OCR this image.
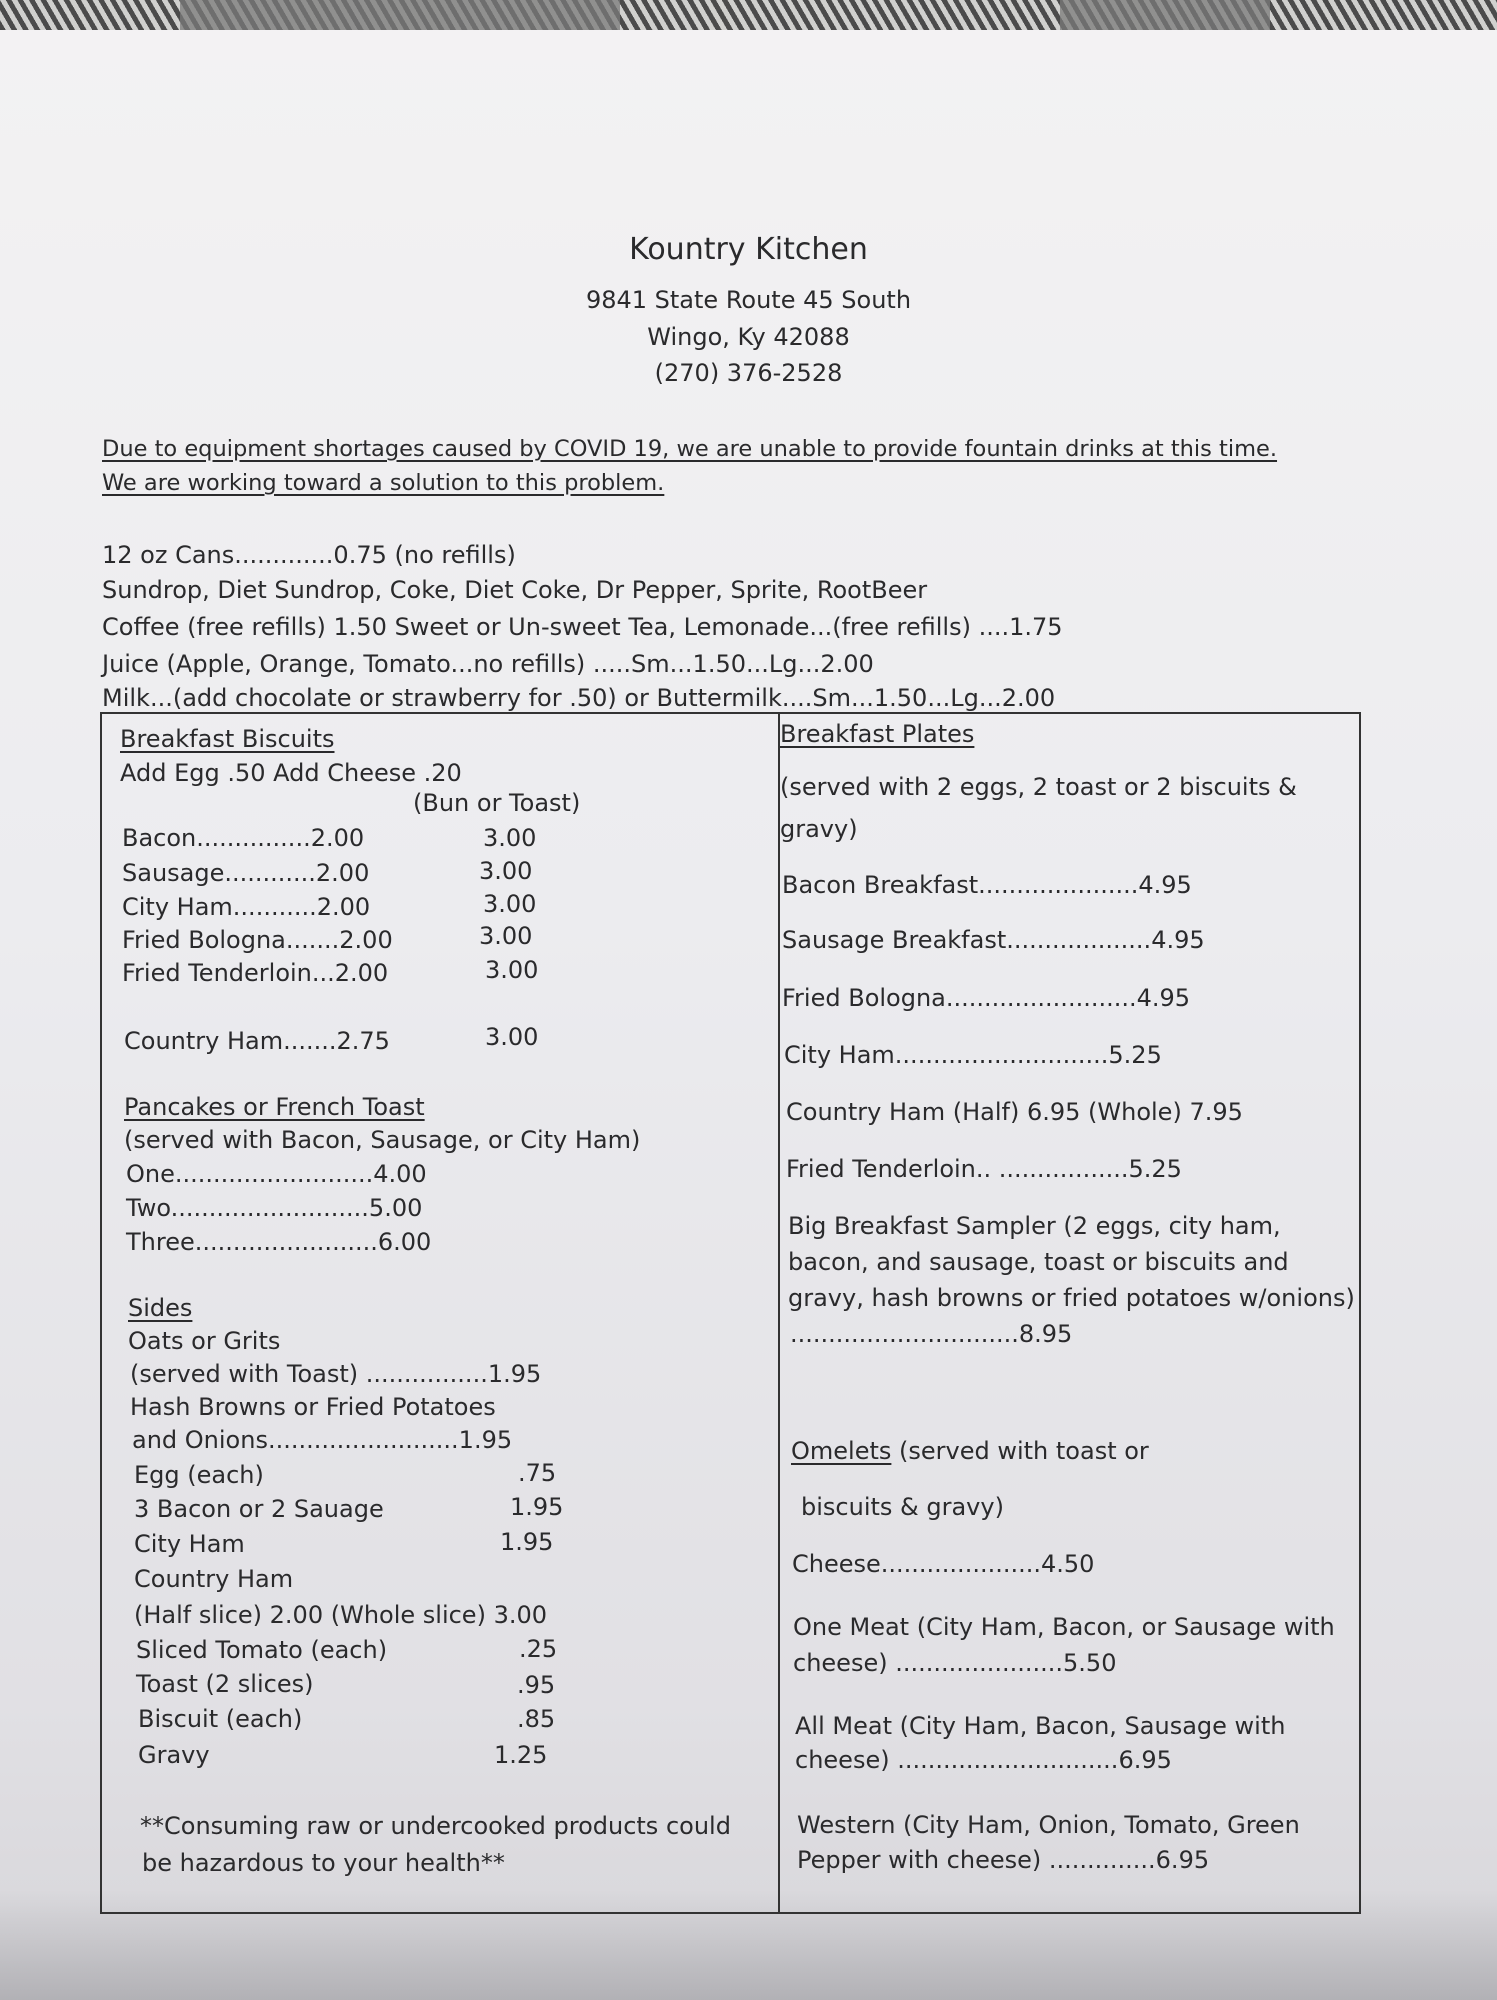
Kountry Kitchen
9841 State Route 45 South
Wingo, Ky 42088
(270) 376-2528
Due to equipment shortages caused by COVID 19, we are unable to provide fountain drinks at this time.
We are working toward a solution to this problem.
12 oz Cans.............0.75 (no refills)
Sundrop, Diet Sundrop, Coke, Diet Coke, Dr Pepper, Sprite, RootBeer
Coffee (free refills) 1.50 Sweet or Un-sweet Tea, Lemonade...(free refills) ....1.75
Juice (Apple, Orange, Tomato...no refills) .....Sm...1.50...Lg...2.00
Milk...(add chocolate or strawberry for .50) or Buttermilk....Sm...1.50...Lg...2.00
Breakfast Biscuits
Add Egg .50 Add Cheese .20
(Bun or Toast)
Bacon...............2.00	3.00
Sausage............2.00	3.00
City Ham...........2.00	3.00
Fried Bologna.......2.00	3.00
Fried Tenderloin...2.00	3.00
Country Ham.......2.75	3.00
Pancakes or French Toast
(served with Bacon, Sausage, or City Ham)
One..........................4.00
Two..........................5.00
Three........................6.00
Sides
Oats or Grits
(served with Toast) ................1.95
Hash Browns or Fried Potatoes
and Onions.........................1.95
Egg (each)	.75
3 Bacon or 2 Sauage	1.95
City Ham	1.95
Country Ham
(Half slice) 2.00 (Whole slice) 3.00
Sliced Tomato (each)	.25
Toast (2 slices)	.95
Biscuit (each)	.85
Gravy	1.25
**Consuming raw or undercooked products could
be hazardous to your health**
Breakfast Plates
(served with 2 eggs, 2 toast or 2 biscuits &
gravy)
Bacon Breakfast.....................4.95
Sausage Breakfast...................4.95
Fried Bologna.........................4.95
City Ham............................5.25
Country Ham (Half) 6.95 (Whole) 7.95
Fried Tenderloin.. .................5.25
Big Breakfast Sampler (2 eggs, city ham,
bacon, and sausage, toast or biscuits and
gravy, hash browns or fried potatoes w/onions)
..............................8.95
Omelets (served with toast or
biscuits & gravy)
Cheese.....................4.50
One Meat (City Ham, Bacon, or Sausage with
cheese) ......................5.50
All Meat (City Ham, Bacon, Sausage with
cheese) .............................6.95
Western (City Ham, Onion, Tomato, Green
Pepper with cheese) ..............6.95
